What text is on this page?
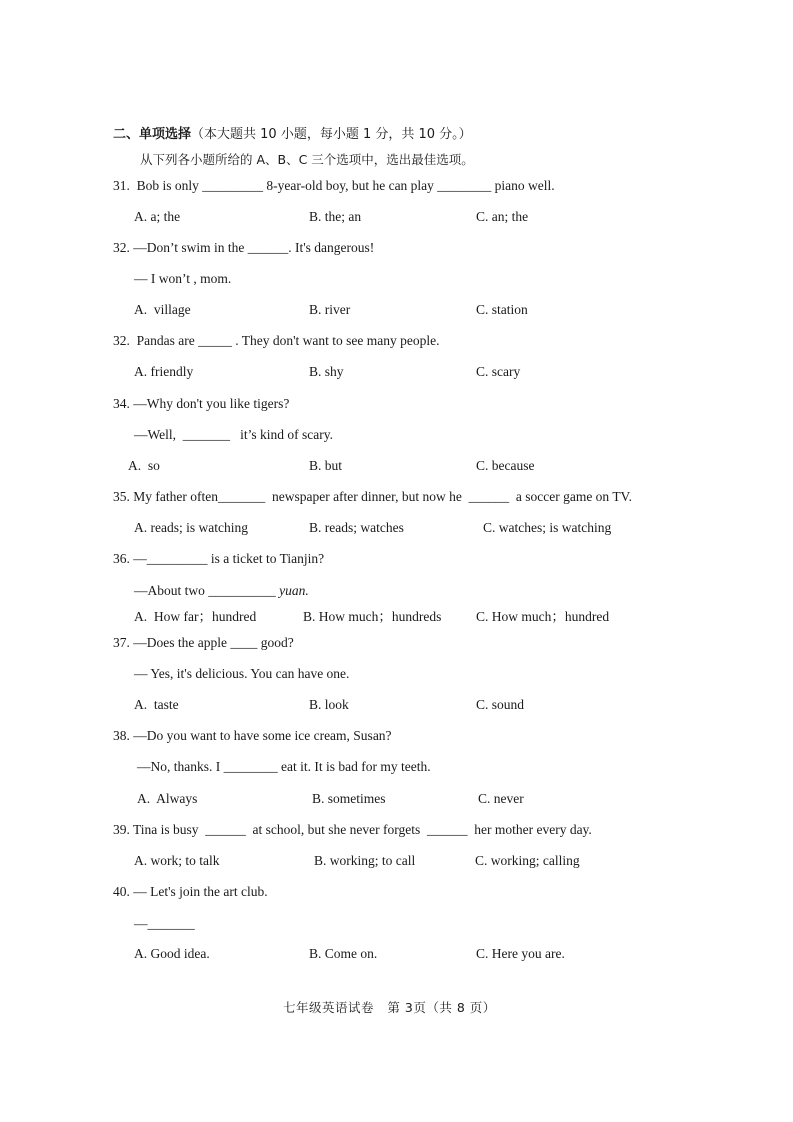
二、单项选择（本大题共 10 小题，每小题 1 分，共 10 分。）
从下列各小题所给的 A、B、C 三个选项中，选出最佳选项。
31.  Bob is only _________ 8-year-old boy, but he can play ________ piano well.
A. a; the	B. the; an	C. an; the
32. —Don’t swim in the ______. It's dangerous!
— I won’t , mom.
A.  village	B. river	C. station
32.  Pandas are _____ . They don't want to see many people.
A. friendly	B. shy	C. scary
34. —Why don't you like tigers?
—Well,  _______   it’s kind of scary.
A.  so	B. but	C. because
35. My father often_______  newspaper after dinner, but now he  ______  a soccer game on TV.
A. reads; is watching	B. reads; watches	C. watches; is watching
36. —_________ is a ticket to Tianjin?
—About two __________ yuan.
A.  How far；hundred	B. How much；hundreds	C. How much；hundred
37. —Does the apple ____ good?
— Yes, it's delicious. You can have one.
A.  taste	B. look	C. sound
38. —Do you want to have some ice cream, Susan?
—No, thanks. I ________ eat it. It is bad for my teeth.
A.  Always	B. sometimes	C. never
39. Tina is busy  ______  at school, but she never forgets  ______  her mother every day.
A. work; to talk	B. working; to call	C. working; calling
40. — Let's join the art club.
—_______
A. Good idea.	B. Come on.	C. Here you are.
七年级英语试卷   第 3页（共 8 页）
